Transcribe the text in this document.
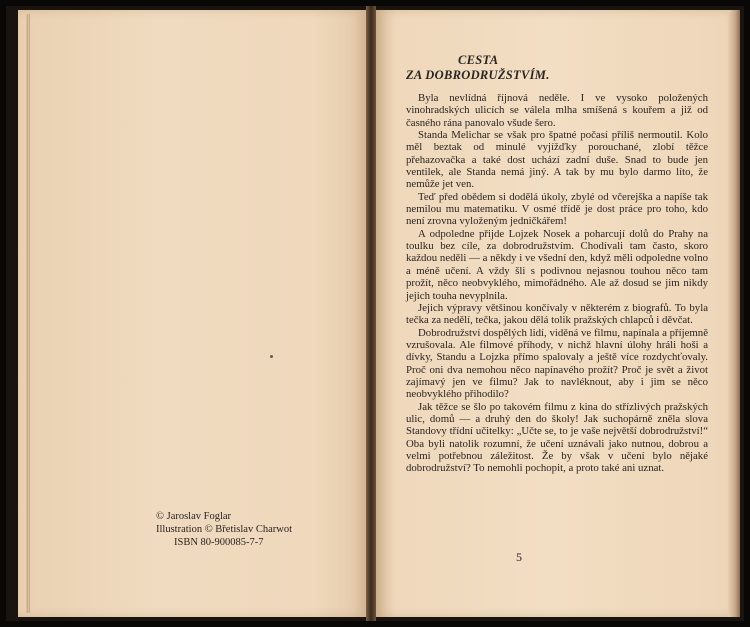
© Jaroslav Foglar
Illustration © Břetislav Charwot
ISBN 80-900085-7-7
CESTA
ZA DOBRODRUŽSTVÍM.

Byla nevlídná říjnová neděle. I ve vysoko položených vinohradských ulicích se válela mlha smíšená s kouřem a již od časného rána panovalo všude šero.

Standa Melichar se však pro špatné počasí příliš nermoutil. Kolo měl beztak od minulé vyjížďky porouchané, zlobí těžce přehazovačka a také dost uchází zadní duše. Snad to bude jen ventilek, ale Standa nemá jiný. A tak by mu bylo darmo líto, že nemůže jet ven.

Teď před obědem si dodělá úkoly, zbylé od včerejška a napíše tak nemilou mu matematiku. V osmé třídě je dost práce pro toho, kdo není zrovna vyloženým jedničkářem!

A odpoledne přijde Lojzek Nosek a poharcují dolů do Prahy na toulku bez cíle, za dobrodružstvím. Chodívali tam často, skoro každou neděli — a někdy i ve všední den, když měli odpoledne volno a méně učení. A vždy šli s podivnou nejasnou touhou něco tam prožít, něco neobvyklého, mimořádného. Ale až dosud se jim nikdy jejich touha nevyplnila.

Jejich výpravy většinou končívaly v některém z biografů. To byla tečka za nedělí, tečka, jakou dělá tolik pražských chlapců i děvčat.

Dobrodružství dospělých lidí, viděná ve filmu, napínala a příjemně vzrušovala. Ale filmové příhody, v nichž hlavní úlohy hráli hoši a dívky, Standu a Lojzka přímo spalovaly a ještě více rozdychťovaly. Proč oni dva nemohou něco napínavého prožít? Proč je svět a život zajímavý jen ve filmu? Jak to navléknout, aby i jim se něco neobvyklého přihodilo?

Jak těžce se šlo po takovém filmu z kina do střízlivých pražských ulic, domů — a druhý den do školy! Jak suchopárně zněla slova Standovy třídní učitelky: „Učte se, to je vaše největší dobrodružství!“ Oba byli natolik rozumní, že učení uznávali jako nutnou, dobrou a velmi potřebnou záležitost. Že by však v učení bylo nějaké dobrodružství? To nemohli pochopit, a proto také ani uznat.

5
